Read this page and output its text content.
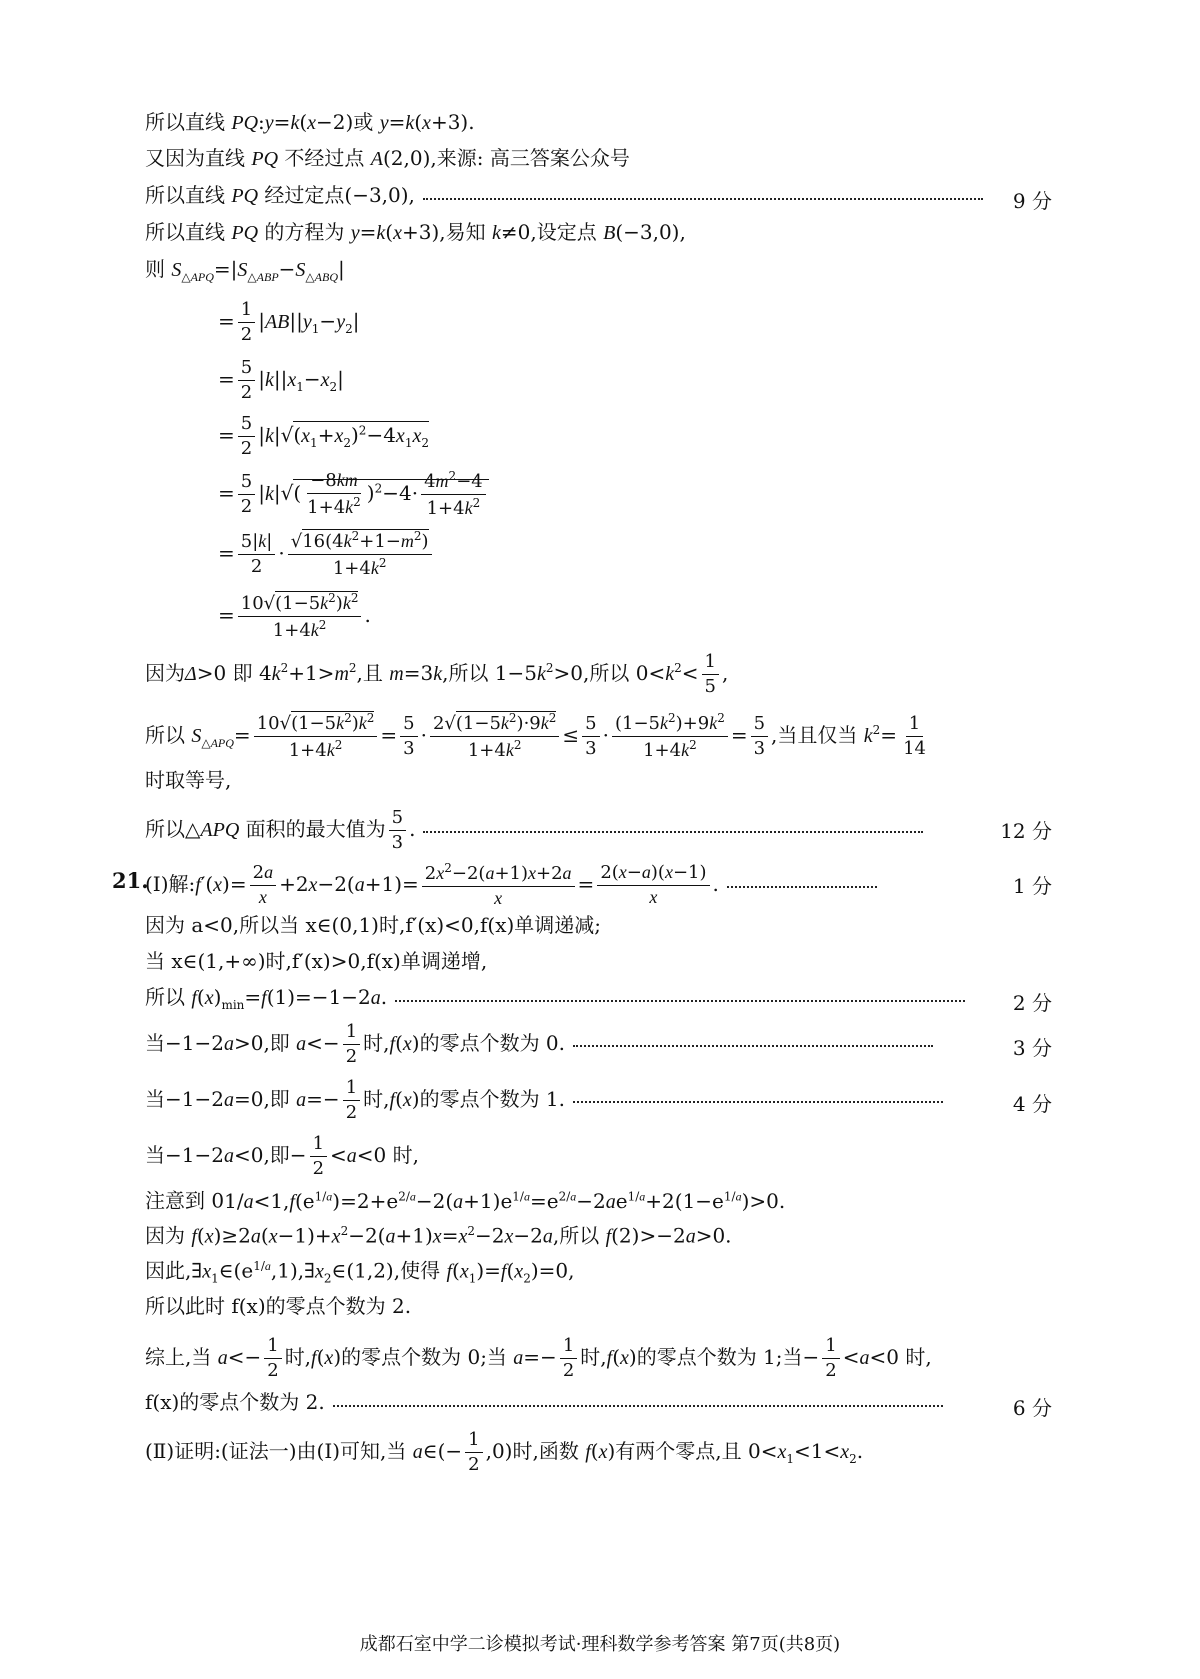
所以直线 PQ:y=k(x−2)或 y=k(x+3).
又因为直线 PQ 不经过点 A(2,0),来源: 高三答案公众号
所以直线 PQ 经过定点(−3,0),	9 分
所以直线 PQ 的方程为 y=k(x+3),易知 k≠0,设定点 B(−3,0),
则 $S_{\triangle APQ}=|S_{\triangle ABP}-S_{\triangle ABQ}|$
= $\frac{1}{2} |AB||y_1-y_2|$
= $\frac{5}{2} |k||x_1-x_2|$
= $\frac{5}{2} |k|√(x_1+x_2)^2-4x_1x_2$
= $\frac{5}{2} |k|√( \frac{-8km}{1+4k^2} )^2-4\cdot \frac{4m^2-4}{1+4k^2}$
= $\frac{5|k|}{2} \cdot \frac{√16(4k^2+1-m^2)}{1+4k^2}$
= $\frac{10√(1-5k^2)k^2}{1+4k^2}$ .
因为Δ>0 即 $4k^2+1>m^2$,且 m=3k,所以 $1-5k^2>0$,所以 $0<k^2< \frac{1}{5}$ ,
所以 $S_{\triangle APQ}= \frac{10√(1-5k^2)k^2}{1+4k^2} = \frac{5}{3} \cdot \frac{2√(1-5k^2)\cdot 9k^2}{1+4k^2} \le \frac{5}{3} \cdot \frac{(1-5k^2)+9k^2}{1+4k^2} = \frac{5}{3}$ ,当且仅当 $k^2= \frac{1}{14}$
时取等号,
所以△APQ 面积的最大值为 $\frac{5}{3}$ .	12 分
21.
(Ⅰ)解:f′(x)= $\frac{2a}{x} +2x-2(a+1)= \frac{2x^2-2(a+1)x+2a}{x} = \frac{2(x-a)(x-1)}{x}$ .	1 分
因为 a<0,所以当 x∈(0,1)时,f′(x)<0,f(x)单调递减;
当 x∈(1,+∞)时,f′(x)>0,f(x)单调递增,
所以 $f(x)_{min}=f(1)=-1-2a$.	2 分
当−1−2a>0,即 $a<- \frac{1}{2}$ 时,f(x)的零点个数为 0.	3 分
当−1−2a=0,即 $a=- \frac{1}{2}$ 时,f(x)的零点个数为 1.	4 分
当−1−2a<0,即− $\frac{1}{2} <a<0$ 时,
注意到 $01/a<1,f(e^{1/a})=2+e^{2/a}-2(a+1)e^{1/a}=e^{2/a}-2ae^{1/a}+2(1-e^{1/a})>0$.
因为 $f(x)\ge 2a(x-1)+x^2-2(a+1)x=x^2-2x-2a$,所以 f(2)>−2a>0.
因此$,\exists x_1\in(e^{1/a},1),\exists x_2\in(1,2)$,使得 $f(x_1)=f(x_2)=0$,
所以此时 f(x)的零点个数为 2.
综上,当 $a<- \frac{1}{2}$ 时,f(x)的零点个数为 0;当 $a=- \frac{1}{2}$ 时,f(x)的零点个数为 1;当− $\frac{1}{2} <a<0$ 时,
f(x)的零点个数为 2.	6 分
(Ⅱ)证明:(证法一)由(Ⅰ)可知,当 a∈(− $\frac{1}{2} ,0$)时,函数 f(x)有两个零点,且 $0<x_1<1<x_2$.
成都石室中学二诊模拟考试·理科数学参考答案 第7页(共8页)
